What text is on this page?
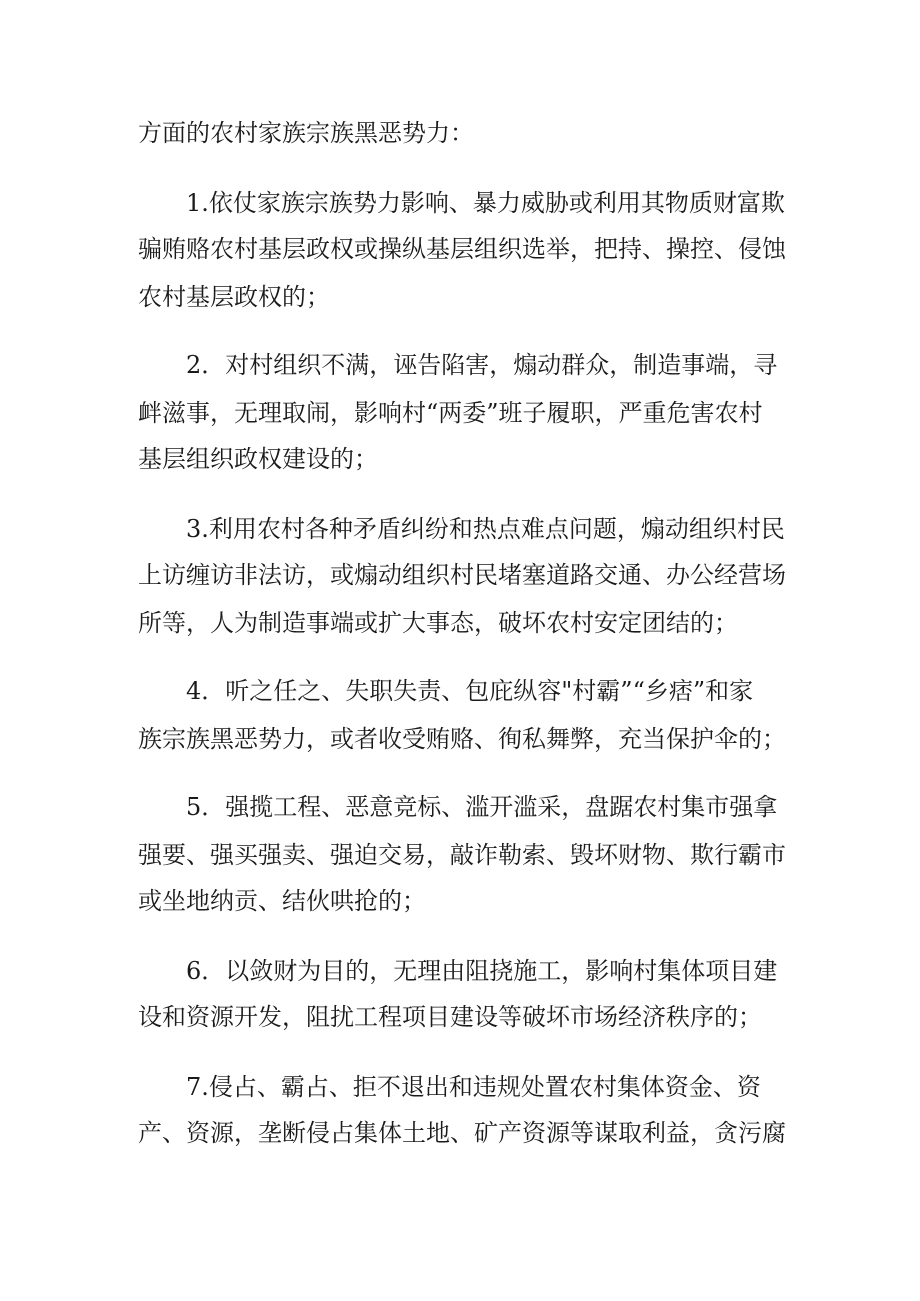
方面的农村家族宗族黑恶势力：
1.依仗家族宗族势力影响、暴力威胁或利用其物质财富欺
骗贿赂农村基层政权或操纵基层组织选举，把持、操控、侵蚀
农村基层政权的；
2．对村组织不满，诬告陷害，煽动群众，制造事端，寻
衅滋事，无理取闹，影响村“两委”班子履职，严重危害农村
基层组织政权建设的；
3.利用农村各种矛盾纠纷和热点难点问题，煽动组织村民
上访缠访非法访，或煽动组织村民堵塞道路交通、办公经营场
所等，人为制造事端或扩大事态，破坏农村安定团结的；
4．听之任之、失职失责、包庇纵容"村霸”“乡痞”和家
族宗族黑恶势力，或者收受贿赂、徇私舞弊，充当保护伞的；
5．强揽工程、恶意竞标、滥开滥采，盘踞农村集市强拿
强要、强买强卖、强迫交易，敲诈勒索、毁坏财物、欺行霸市
或坐地纳贡、结伙哄抢的；
6．以敛财为目的，无理由阻挠施工，影响村集体项目建
设和资源开发，阻扰工程项目建设等破坏市场经济秩序的；
7.侵占、霸占、拒不退出和违规处置农村集体资金、资
产、资源，垄断侵占集体土地、矿产资源等谋取利益，贪污腐
